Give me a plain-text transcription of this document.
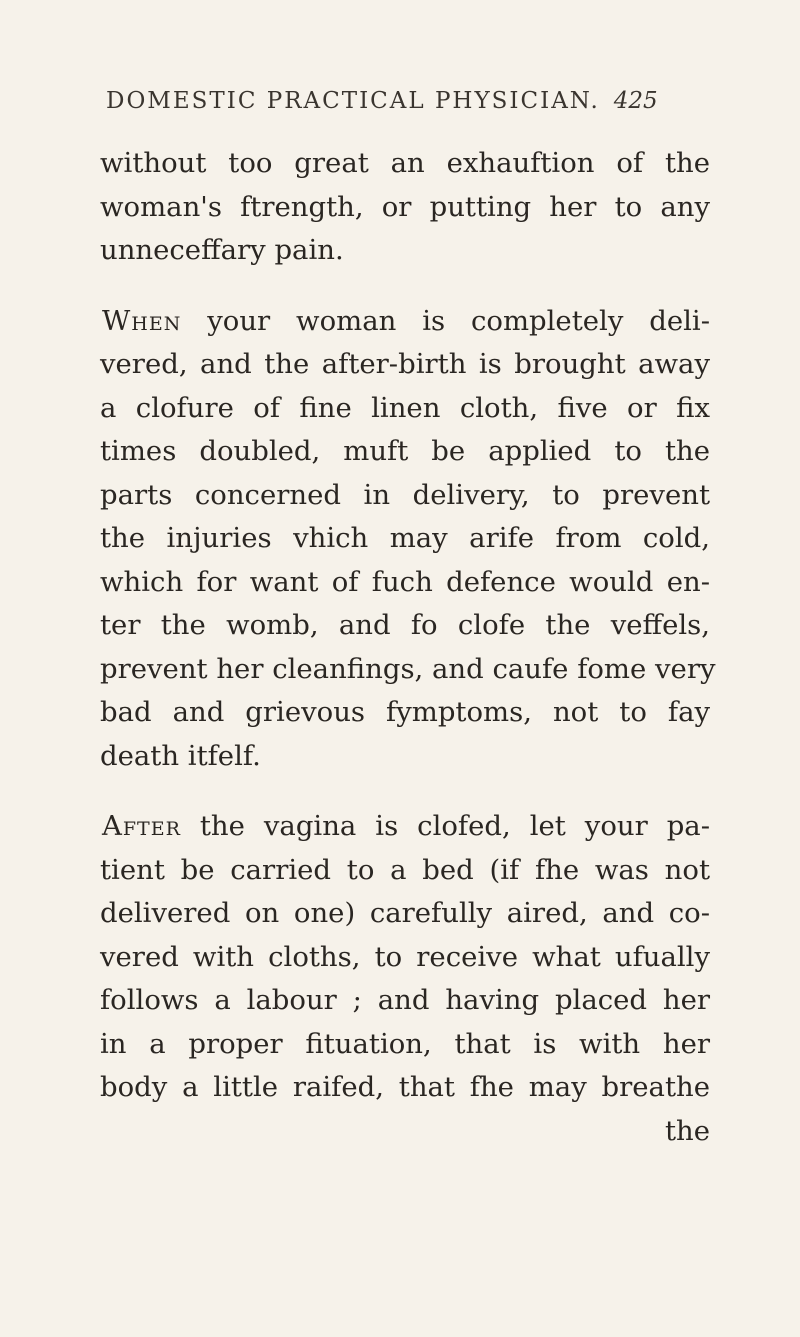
DOMESTIC PRACTICAL PHYSICIAN. 425

without too great an exhauftion of the
woman's ftrength, or putting her to any
unneceffary pain.

When your woman is completely deli-
vered, and the after-birth is brought away
a clofure of fine linen cloth, five or fix
times doubled, muft be applied to the
parts concerned in delivery, to prevent
the injuries vhich may arife from cold,
which for want of fuch defence would en-
ter the womb, and fo clofe the veffels,
prevent her cleanfings, and caufe fome very
bad and grievous fymptoms, not to fay
death itfelf.

After the vagina is clofed, let your pa-
tient be carried to a bed (if fhe was not
delivered on one) carefully aired, and co-
vered with cloths, to receive what ufually
follows a labour ; and having placed her
in a proper fituation, that is with her
body a little raifed, that fhe may breathe
the
